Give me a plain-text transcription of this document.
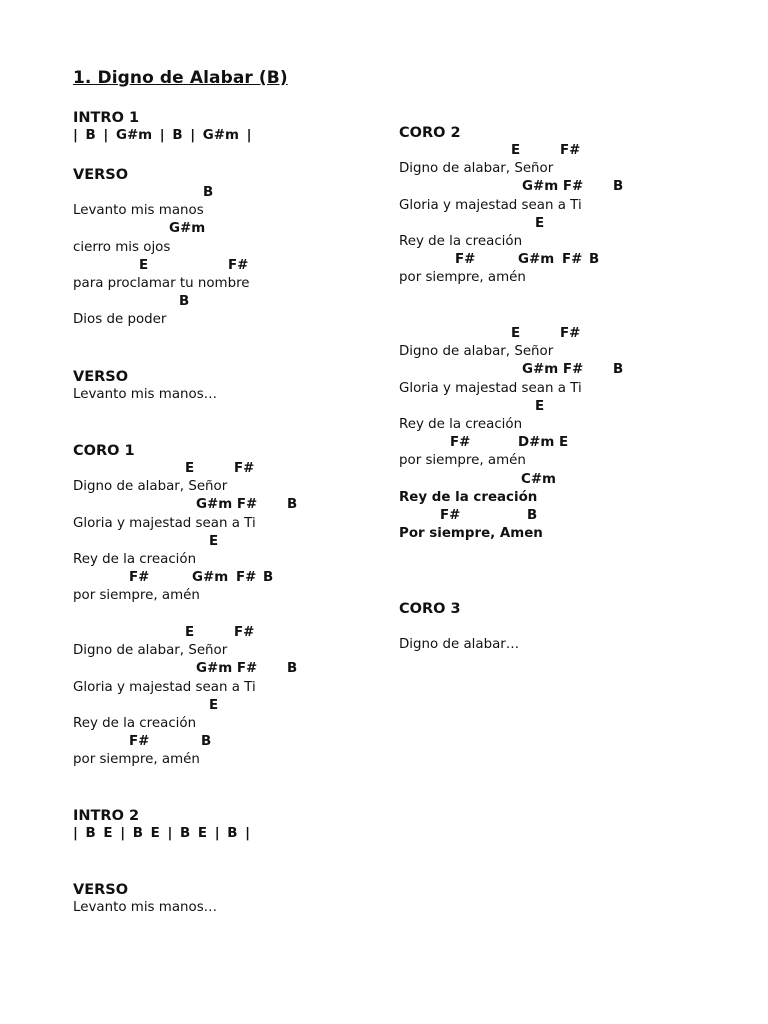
1. Digno de Alabar (B)
INTRO 1
| B | G#m | B | G#m |
VERSO
B
Levanto mis manos
G#m
cierro mis ojos
E	F#
para proclamar tu nombre
B
Dios de poder
VERSO
Levanto mis manos…
CORO 1
E	F#
Digno de alabar, Señor
G#m F# B
Gloria y majestad sean a Ti
E
Rey de la creación
F#	G#m F# B
por siempre, amén
E	F#
Digno de alabar, Señor
G#m F# B
Gloria y majestad sean a Ti
E
Rey de la creación
F#	B
por siempre, amén
INTRO 2
| B E | B E | B E | B |
VERSO
Levanto mis manos…
CORO 2
E	F#
Digno de alabar, Señor
G#m F# B
Gloria y majestad sean a Ti
E
Rey de la creación
F#	G#m F# B
por siempre, amén
E	F#
Digno de alabar, Señor
G#m F# B
Gloria y majestad sean a Ti
E
Rey de la creación
F#	D#m E
por siempre, amén
C#m
Rey de la creación
F#	B
Por siempre, Amen
CORO 3
Digno de alabar…
